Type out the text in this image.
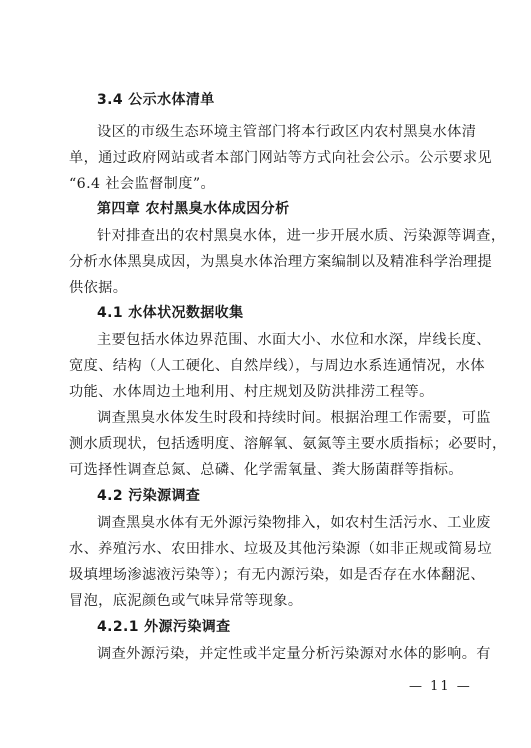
3.4 公示水体清单
设区的市级生态环境主管部门将本行政区内农村黑臭水体清
单，通过政府网站或者本部门网站等方式向社会公示。公示要求见
“6.4 社会监督制度”。
第四章 农村黑臭水体成因分析
针对排查出的农村黑臭水体，进一步开展水质、污染源等调查，
分析水体黑臭成因，为黑臭水体治理方案编制以及精准科学治理提
供依据。
4.1 水体状况数据收集
主要包括水体边界范围、水面大小、水位和水深，岸线长度、
宽度、结构（人工硬化、自然岸线），与周边水系连通情况，水体
功能、水体周边土地利用、村庄规划及防洪排涝工程等。
调查黑臭水体发生时段和持续时间。根据治理工作需要，可监
测水质现状，包括透明度、溶解氧、氨氮等主要水质指标；必要时，
可选择性调查总氮、总磷、化学需氧量、粪大肠菌群等指标。
4.2 污染源调查
调查黑臭水体有无外源污染物排入，如农村生活污水、工业废
水、养殖污水、农田排水、垃圾及其他污染源（如非正规或简易垃
圾填埋场渗滤液污染等）；有无内源污染，如是否存在水体翻泥、
冒泡，底泥颜色或气味异常等现象。
4.2.1 外源污染调查
调查外源污染，并定性或半定量分析污染源对水体的影响。有
— 11 —
